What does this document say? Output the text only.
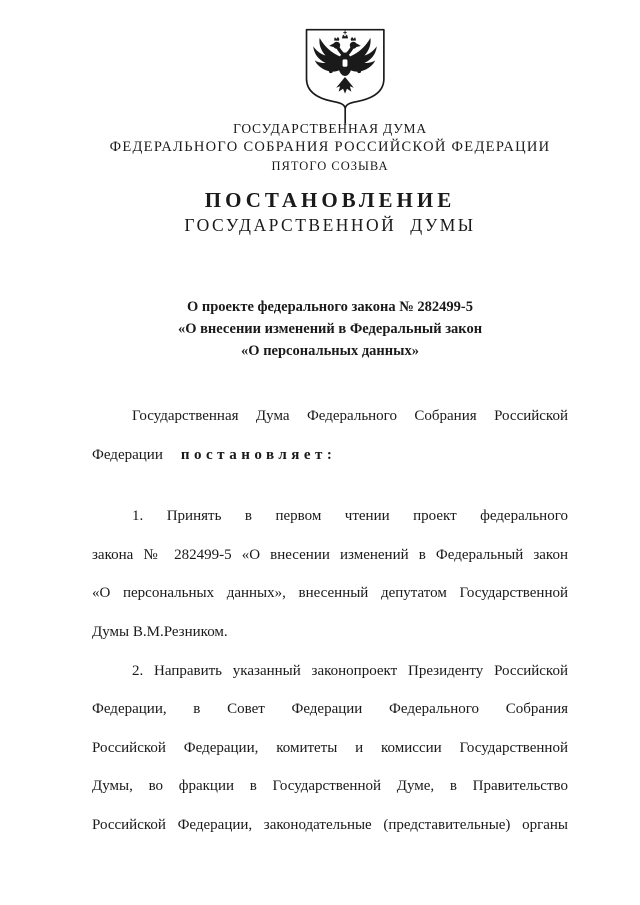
ГОСУДАРСТВЕННАЯ ДУМА
ФЕДЕРАЛЬНОГО СОБРАНИЯ РОССИЙСКОЙ ФЕДЕРАЦИИ
ПЯТОГО СОЗЫВА
ПОСТАНОВЛЕНИЕ
ГОСУДАРСТВЕННОЙ ДУМЫ
О проекте федерального закона № 282499-5
«О внесении изменений в Федеральный закон
«О персональных данных»
Государственная Дума Федерального Собрания Российской
Федерации постановляет:
1. Принять в первом чтении проект федерального
закона № 282499-5 «О внесении изменений в Федеральный закон
«О персональных данных», внесенный депутатом Государственной
Думы В.М.Резником.
2. Направить указанный законопроект Президенту Российской
Федерации, в Совет Федерации Федерального Собрания
Российской Федерации, комитеты и комиссии Государственной
Думы, во фракции в Государственной Думе, в Правительство
Российской Федерации, законодательные (представительные) органы
